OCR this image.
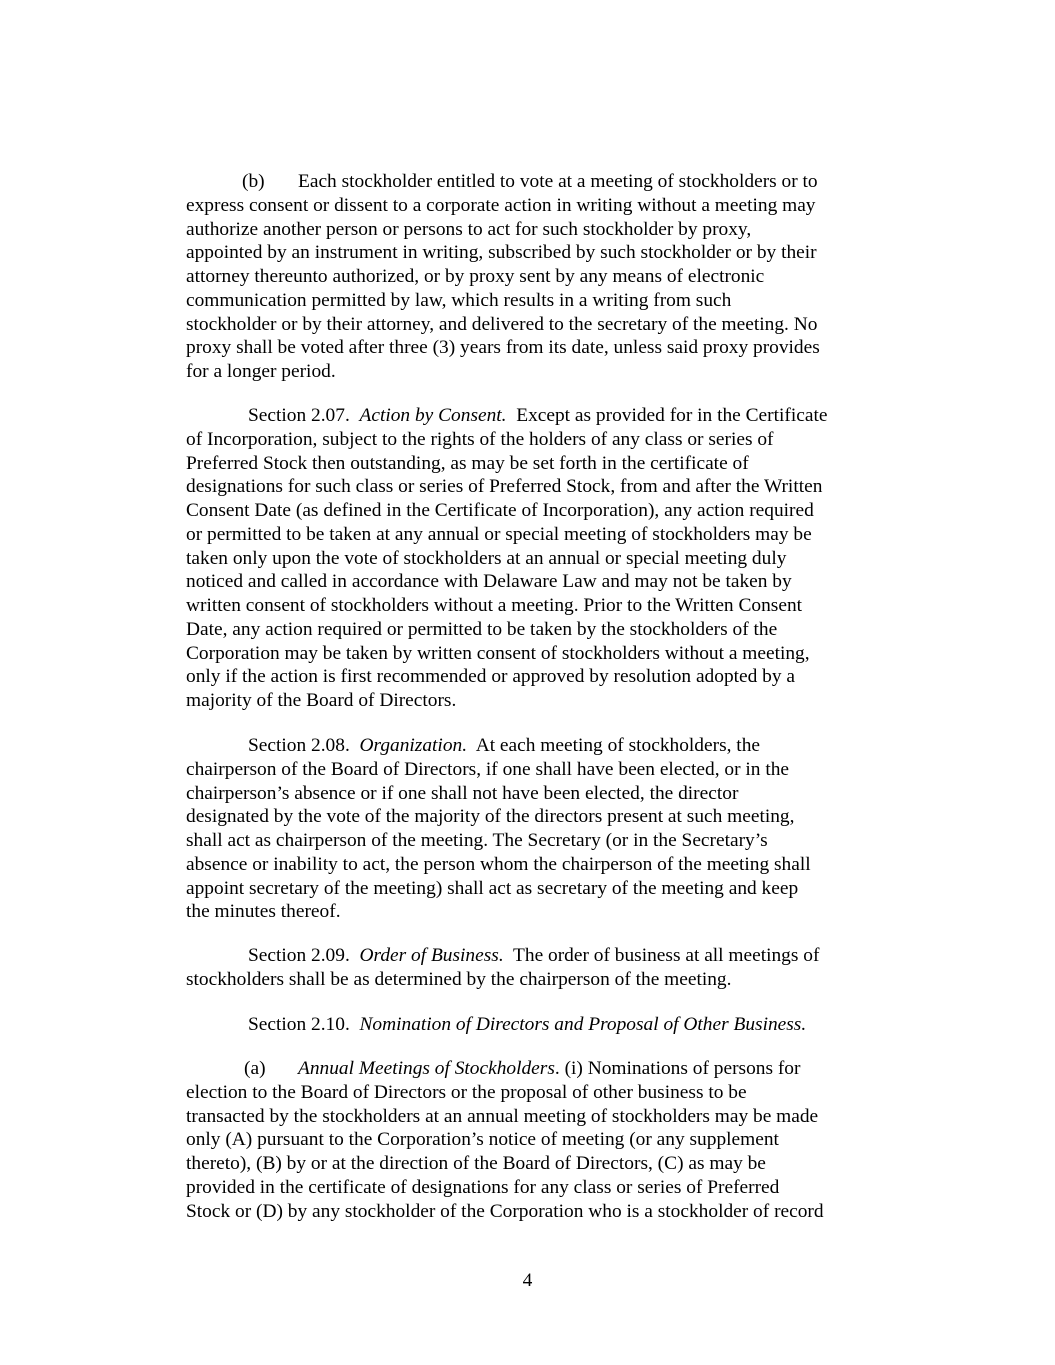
(b) Each stockholder entitled to vote at a meeting of stockholders or to
express consent or dissent to a corporate action in writing without a meeting may
authorize another person or persons to act for such stockholder by proxy,
appointed by an instrument in writing, subscribed by such stockholder or by their
attorney thereunto authorized, or by proxy sent by any means of electronic
communication permitted by law, which results in a writing from such
stockholder or by their attorney, and delivered to the secretary of the meeting. No
proxy shall be voted after three (3) years from its date, unless said proxy provides
for a longer period.
Section 2.07. Action by Consent. Except as provided for in the Certificate
of Incorporation, subject to the rights of the holders of any class or series of
Preferred Stock then outstanding, as may be set forth in the certificate of
designations for such class or series of Preferred Stock, from and after the Written
Consent Date (as defined in the Certificate of Incorporation), any action required
or permitted to be taken at any annual or special meeting of stockholders may be
taken only upon the vote of stockholders at an annual or special meeting duly
noticed and called in accordance with Delaware Law and may not be taken by
written consent of stockholders without a meeting. Prior to the Written Consent
Date, any action required or permitted to be taken by the stockholders of the
Corporation may be taken by written consent of stockholders without a meeting,
only if the action is first recommended or approved by resolution adopted by a
majority of the Board of Directors.
Section 2.08. Organization. At each meeting of stockholders, the
chairperson of the Board of Directors, if one shall have been elected, or in the
chairperson’s absence or if one shall not have been elected, the director
designated by the vote of the majority of the directors present at such meeting,
shall act as chairperson of the meeting. The Secretary (or in the Secretary’s
absence or inability to act, the person whom the chairperson of the meeting shall
appoint secretary of the meeting) shall act as secretary of the meeting and keep
the minutes thereof.
Section 2.09. Order of Business. The order of business at all meetings of
stockholders shall be as determined by the chairperson of the meeting.
Section 2.10. Nomination of Directors and Proposal of Other Business.
(a) Annual Meetings of Stockholders. (i) Nominations of persons for
election to the Board of Directors or the proposal of other business to be
transacted by the stockholders at an annual meeting of stockholders may be made
only (A) pursuant to the Corporation’s notice of meeting (or any supplement
thereto), (B) by or at the direction of the Board of Directors, (C) as may be
provided in the certificate of designations for any class or series of Preferred
Stock or (D) by any stockholder of the Corporation who is a stockholder of record
4
